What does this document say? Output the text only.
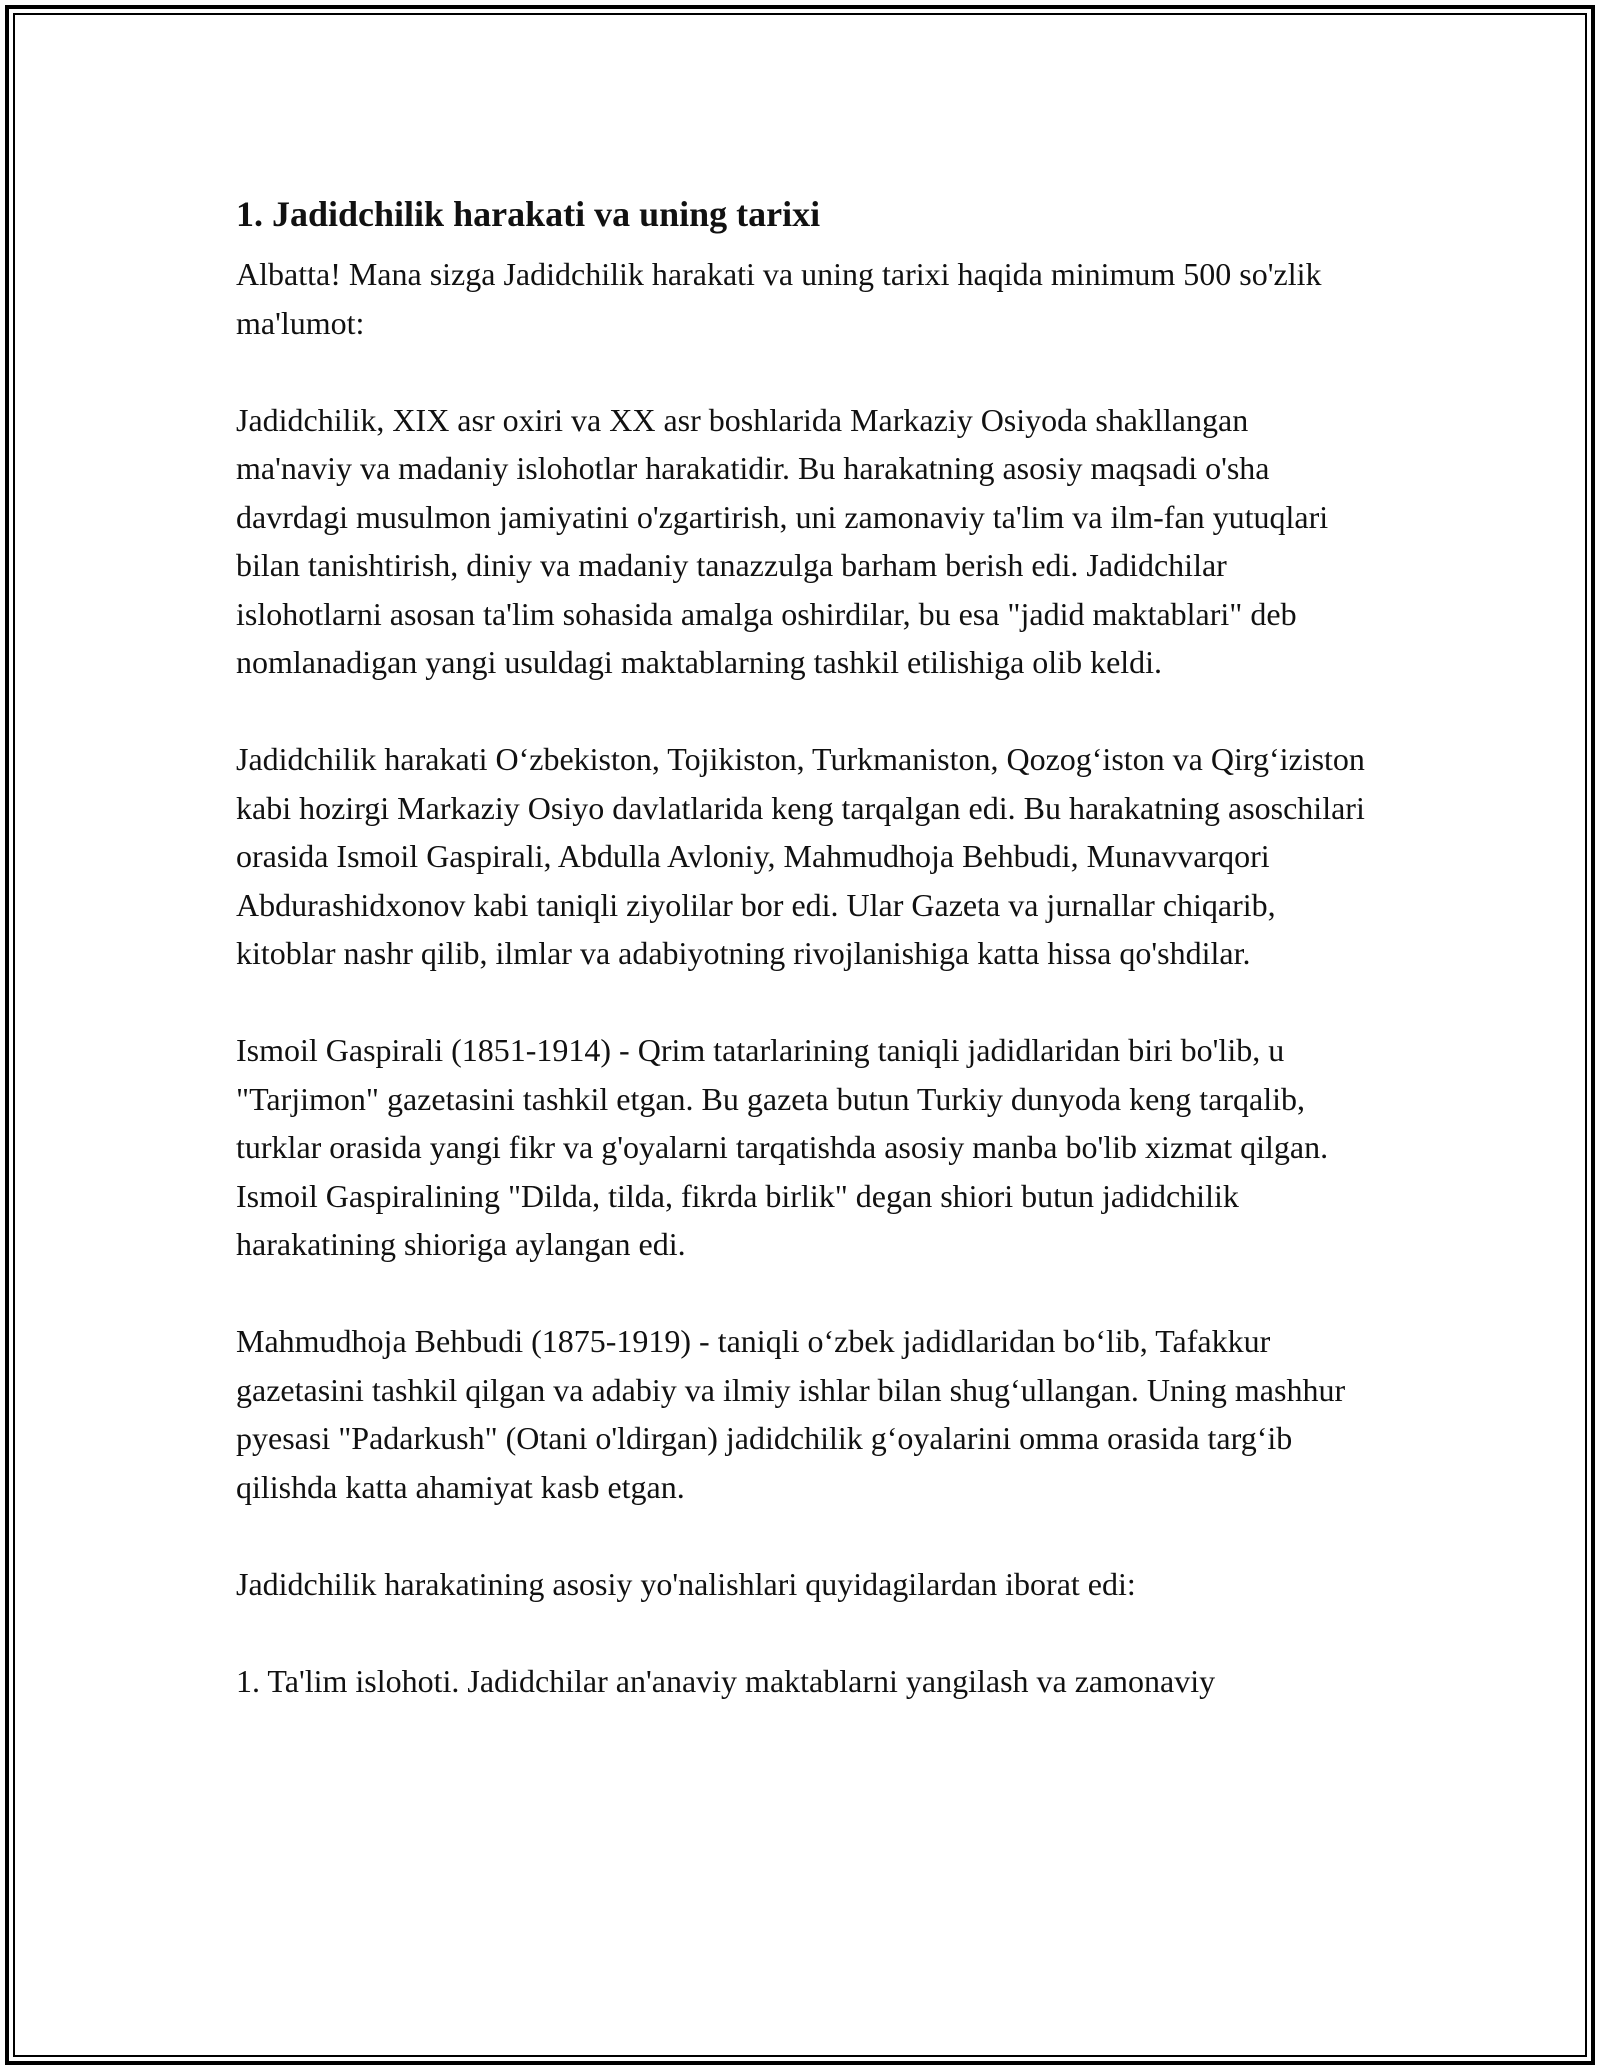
1. Jadidchilik harakati va uning tarixi

Albatta! Mana sizga Jadidchilik harakati va uning tarixi haqida minimum 500 so'zlik ma'lumot:

Jadidchilik, XIX asr oxiri va XX asr boshlarida Markaziy Osiyoda shakllangan ma'naviy va madaniy islohotlar harakatidir. Bu harakatning asosiy maqsadi o'sha davrdagi musulmon jamiyatini o'zgartirish, uni zamonaviy ta'lim va ilm-fan yutuqlari bilan tanishtirish, diniy va madaniy tanazzulga barham berish edi. Jadidchilar islohotlarni asosan ta'lim sohasida amalga oshirdilar, bu esa "jadid maktablari" deb nomlanadigan yangi usuldagi maktablarning tashkil etilishiga olib keldi.

Jadidchilik harakati O‘zbekiston, Tojikiston, Turkmaniston, Qozog‘iston va Qirg‘iziston kabi hozirgi Markaziy Osiyo davlatlarida keng tarqalgan edi. Bu harakatning asoschilari orasida Ismoil Gaspirali, Abdulla Avloniy, Mahmudhoja Behbudi, Munavvarqori Abdurashidxonov kabi taniqli ziyolilar bor edi. Ular Gazeta va jurnallar chiqarib, kitoblar nashr qilib, ilmlar va adabiyotning rivojlanishiga katta hissa qo'shdilar.

Ismoil Gaspirali (1851-1914) - Qrim tatarlarining taniqli jadidlaridan biri bo'lib, u "Tarjimon" gazetasini tashkil etgan. Bu gazeta butun Turkiy dunyoda keng tarqalib, turklar orasida yangi fikr va g'oyalarni tarqatishda asosiy manba bo'lib xizmat qilgan. Ismoil Gaspiralining "Dilda, tilda, fikrda birlik" degan shiori butun jadidchilik harakatining shioriga aylangan edi.

Mahmudhoja Behbudi (1875-1919) - taniqli o‘zbek jadidlaridan bo‘lib, Tafakkur gazetasini tashkil qilgan va adabiy va ilmiy ishlar bilan shug‘ullangan. Uning mashhur pyesasi "Padarkush" (Otani o'ldirgan) jadidchilik g‘oyalarini omma orasida targ‘ib qilishda katta ahamiyat kasb etgan.

Jadidchilik harakatining asosiy yo'nalishlari quyidagilardan iborat edi:

1. Ta'lim islohoti. Jadidchilar an'anaviy maktablarni yangilash va zamonaviy
